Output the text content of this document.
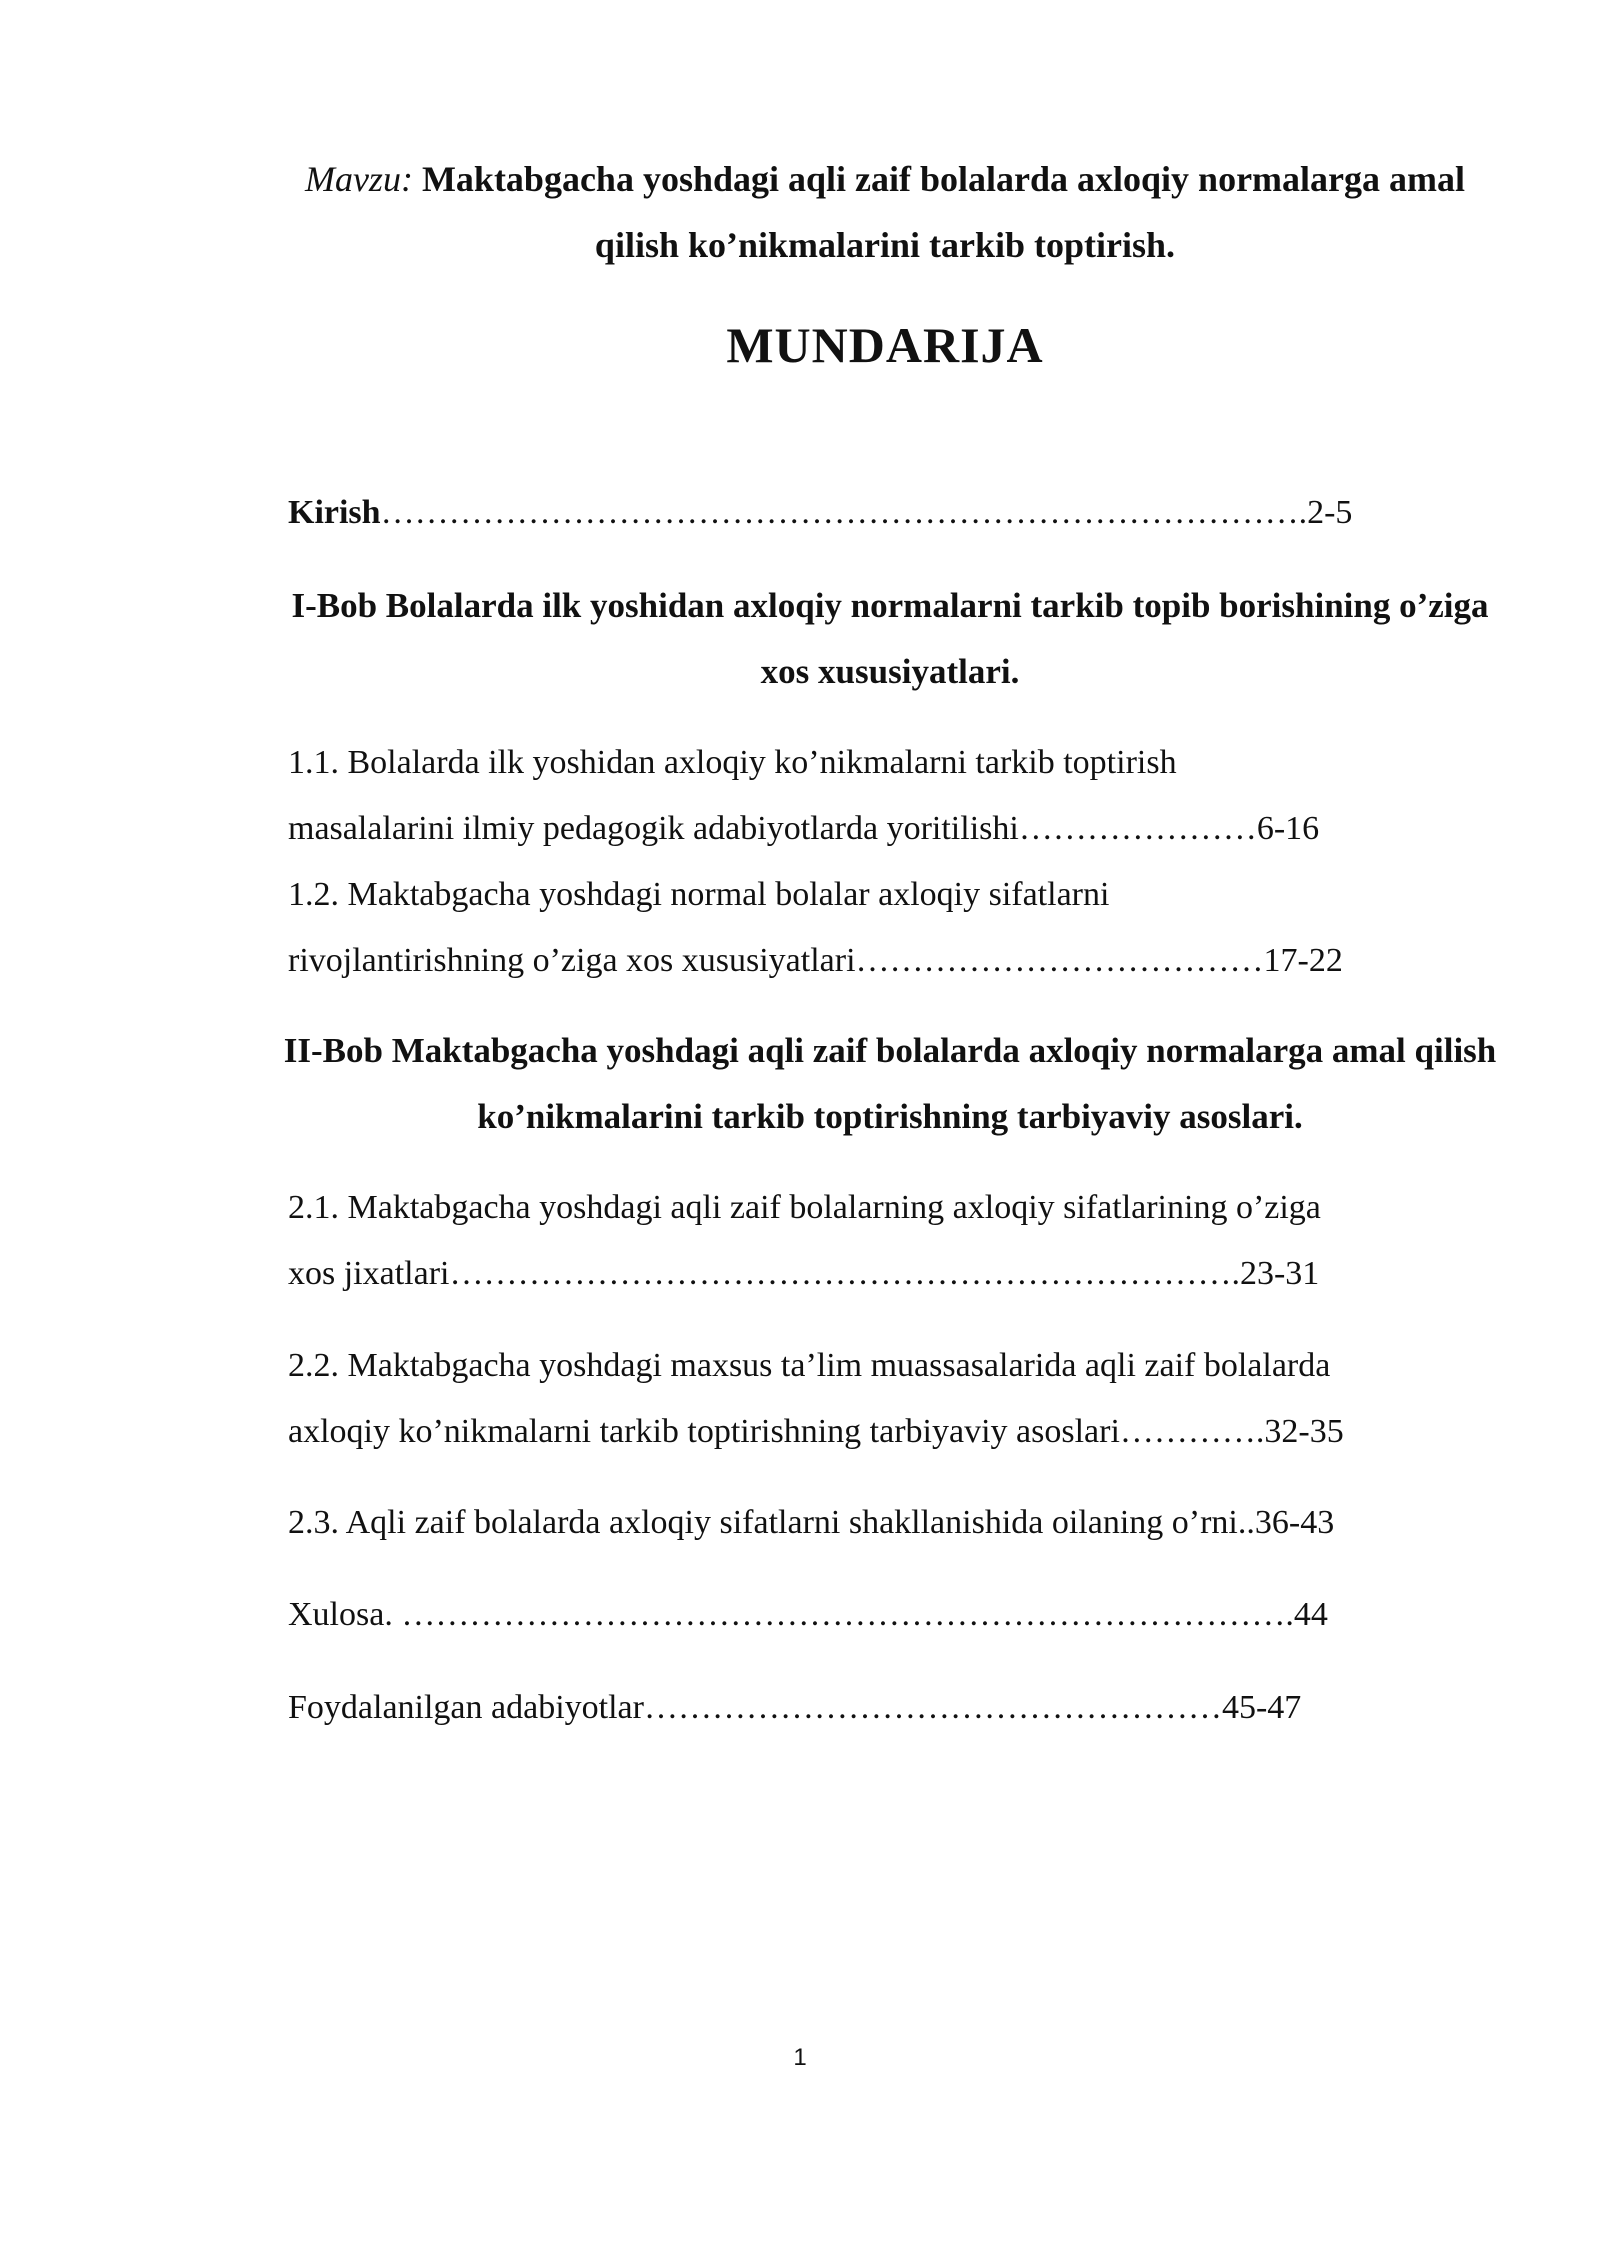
Mavzu: Maktabgacha yoshdagi aqli zaif bolalarda axloqiy normalarga amal qilish ko’nikmalarini tarkib toptirish.
MUNDARIJA
Kirish……………………………………………………………………….2-5
I-Bob Bolalarda ilk yoshidan axloqiy normalarni tarkib topib borishining o’ziga xos xususiyatlari.
1.1. Bolalarda ilk yoshidan axloqiy ko’nikmalarni tarkib toptirish
masalalarini ilmiy pedagogik adabiyotlarda yoritilishi…………………6-16
1.2. Maktabgacha yoshdagi normal bolalar axloqiy sifatlarni
rivojlantirishning o’ziga xos xususiyatlari………………………………17-22
II-Bob Maktabgacha yoshdagi aqli zaif bolalarda axloqiy normalarga amal qilish ko’nikmalarini tarkib toptirishning tarbiyaviy asoslari.
2.1. Maktabgacha yoshdagi aqli zaif bolalarning axloqiy sifatlarining o’ziga
xos jixatlari…………………………………………………………….23-31
2.2. Maktabgacha yoshdagi maxsus ta’lim muassasalarida aqli zaif bolalarda
axloqiy ko’nikmalarni tarkib toptirishning tarbiyaviy asoslari………….32-35
2.3. Aqli zaif bolalarda axloqiy sifatlarni shakllanishida oilaning o’rni..36-43
Xulosa. …………………………………………………………………….44
Foydalanilgan adabiyotlar……………………………………………45-47
1
